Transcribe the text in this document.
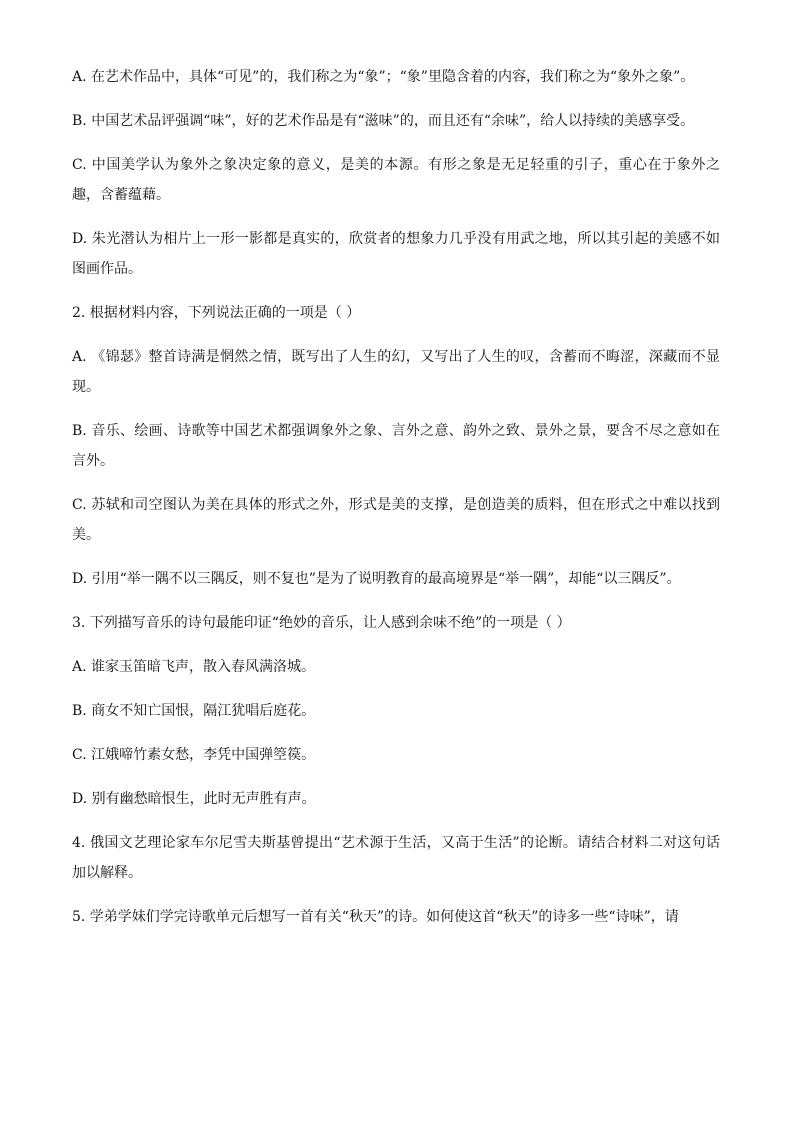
A. 在艺术作品中，具体“可见”的，我们称之为“象”；“象”里隐含着的内容，我们称之为“象外之象”。

B. 中国艺术品评强调“味”，好的艺术作品是有“滋味”的，而且还有“余味”，给人以持续的美感享受。

C. 中国美学认为象外之象决定象的意义，是美的本源。有形之象是无足轻重的引子，重心在于象外之趣，含蓄蕴藉。

D. 朱光潜认为相片上一形一影都是真实的，欣赏者的想象力几乎没有用武之地，所以其引起的美感不如图画作品。

2. 根据材料内容，下列说法正确的一项是（ ）

A. 《锦瑟》整首诗满是惘然之情，既写出了人生的幻，又写出了人生的叹，含蓄而不晦涩，深藏而不显现。

B. 音乐、绘画、诗歌等中国艺术都强调象外之象、言外之意、韵外之致、景外之景，要含不尽之意如在言外。

C. 苏轼和司空图认为美在具体的形式之外，形式是美的支撑，是创造美的质料，但在形式之中难以找到美。

D. 引用“举一隅不以三隅反，则不复也”是为了说明教育的最高境界是“举一隅”，却能“以三隅反”。

3. 下列描写音乐的诗句最能印证“绝妙的音乐，让人感到余味不绝”的一项是（ ）

A. 谁家玉笛暗飞声，散入春风满洛城。

B. 商女不知亡国恨，隔江犹唱后庭花。

C. 江娥啼竹素女愁，李凭中国弹箜篌。

D. 别有幽愁暗恨生，此时无声胜有声。

4. 俄国文艺理论家车尔尼雪夫斯基曾提出“艺术源于生活，又高于生活”的论断。请结合材料二对这句话加以解释。

5. 学弟学妹们学完诗歌单元后想写一首有关“秋天”的诗。如何使这首“秋天”的诗多一些“诗味”，请
